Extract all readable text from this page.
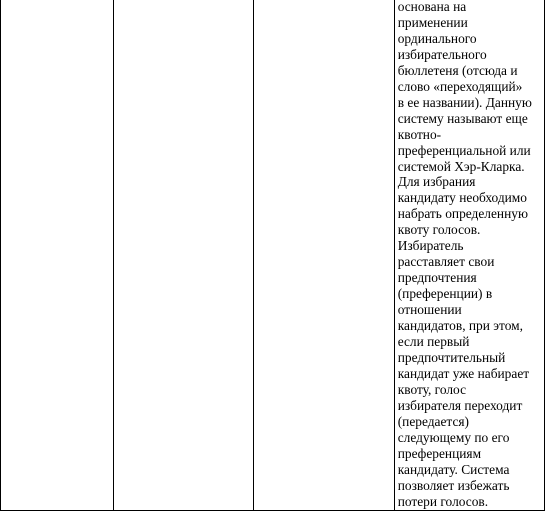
основана на
применении
ординального
избирательного
бюллетеня (отсюда и
слово «переходящий»
в ее названии). Данную
систему называют еще
квотно-
преференциальной или
системой Хэр-Кларка.
Для избрания
кандидату необходимо
набрать определенную
квоту голосов.
Избиратель
расставляет свои
предпочтения
(преференции) в
отношении
кандидатов, при этом,
если первый
предпочтительный
кандидат уже набирает
квоту, голос
избирателя переходит
(передается)
следующему по его
преференциям
кандидату. Система
позволяет избежать
потери голосов.
